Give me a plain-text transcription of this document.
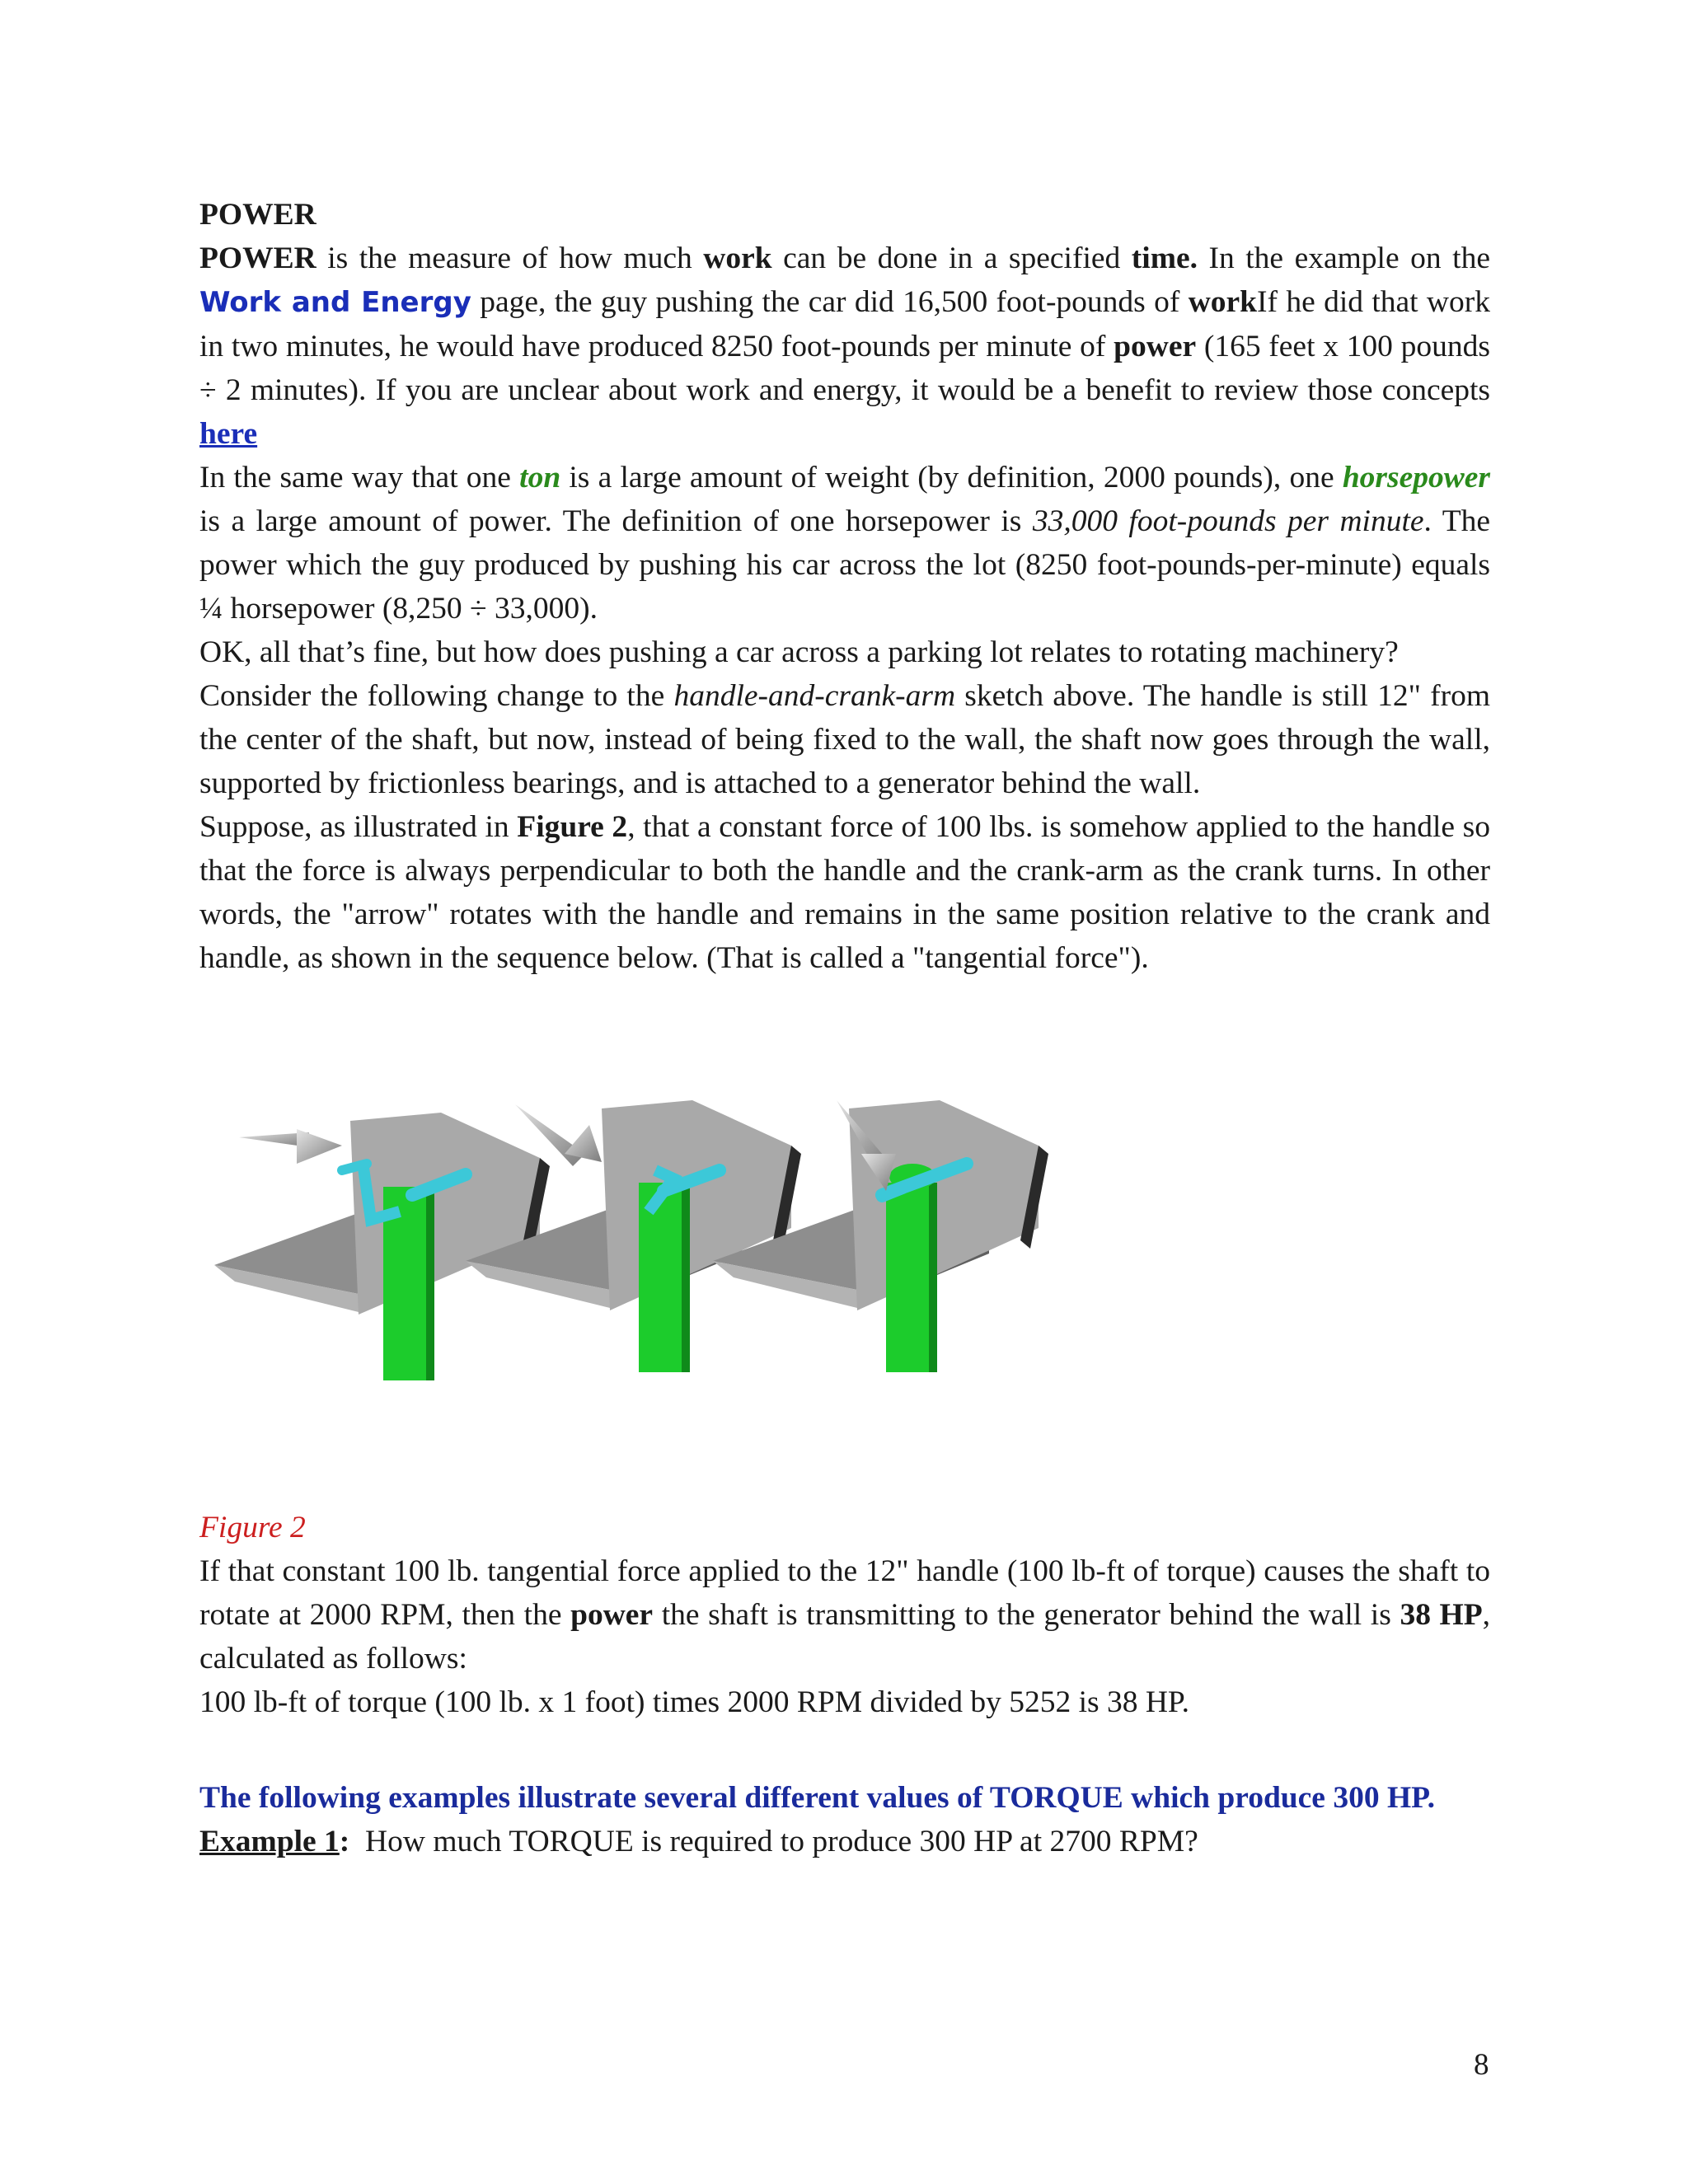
POWER

POWER is the measure of how much work can be done in a specified time. In the example on the Work and Energy page, the guy pushing the car did 16,500 foot-pounds of workIf he did that work in two minutes, he would have produced 8250 foot-pounds per minute of power (165 feet x 100 pounds ÷ 2 minutes). If you are unclear about work and energy, it would be a benefit to review those concepts here

In the same way that one ton is a large amount of weight (by definition, 2000 pounds), one horsepower is a large amount of power. The definition of one horsepower is 33,000 foot-pounds per minute. The power which the guy produced by pushing his car across the lot (8250 foot-pounds-per-minute) equals ¼ horsepower (8,250 ÷ 33,000).

OK, all that’s fine, but how does pushing a car across a parking lot relates to rotating machinery?

Consider the following change to the handle-and-crank-arm sketch above. The handle is still 12" from the center of the shaft, but now, instead of being fixed to the wall, the shaft now goes through the wall, supported by frictionless bearings, and is attached to a generator behind the wall.

Suppose, as illustrated in Figure 2, that a constant force of 100 lbs. is somehow applied to the handle so that the force is always perpendicular to both the handle and the crank-arm as the crank turns. In other words, the "arrow" rotates with the handle and remains in the same position relative to the crank and handle, as shown in the sequence below. (That is called a "tangential force").

Figure 2

If that constant 100 lb. tangential force applied to the 12" handle (100 lb-ft of torque) causes the shaft to rotate at 2000 RPM, then the power the shaft is transmitting to the generator behind the wall is 38 HP, calculated as follows:

100 lb-ft of torque (100 lb. x 1 foot) times 2000 RPM divided by 5252 is 38 HP.

The following examples illustrate several different values of TORQUE which produce 300 HP.

Example 1:  How much TORQUE is required to produce 300 HP at 2700 RPM?

8
